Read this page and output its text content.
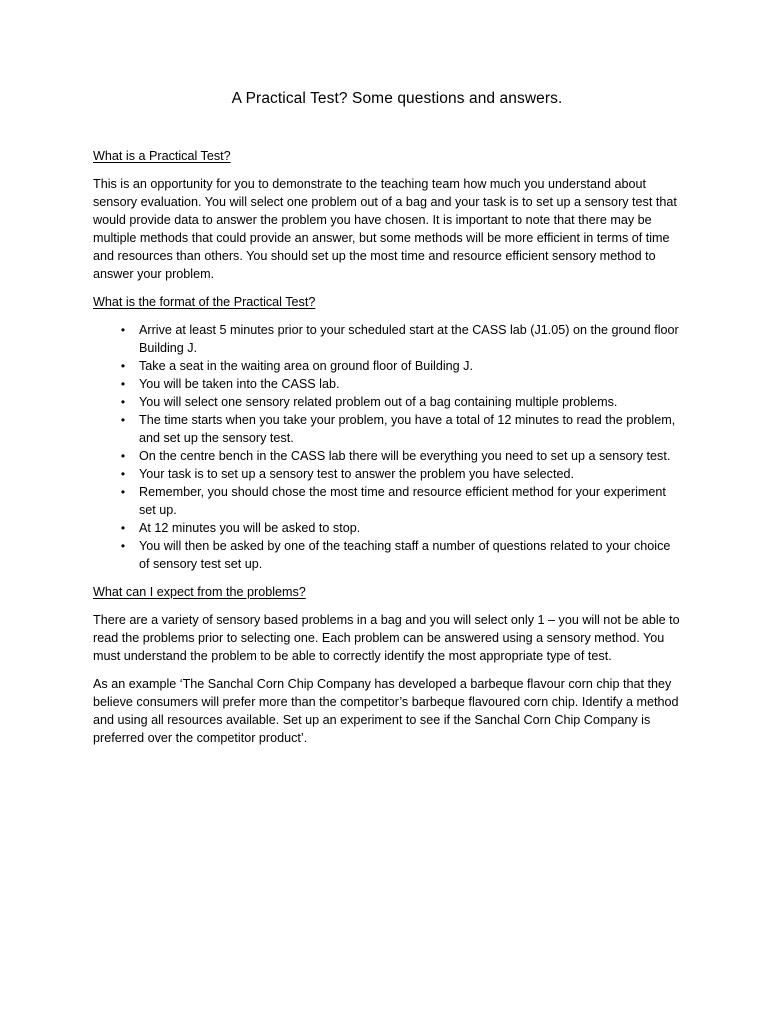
A Practical Test? Some questions and answers.
What is a Practical Test?
This is an opportunity for you to demonstrate to the teaching team how much you understand about sensory evaluation. You will select one problem out of a bag and your task is to set up a sensory test that would provide data to answer the problem you have chosen. It is important to note that there may be multiple methods that could provide an answer, but some methods will be more efficient in terms of time and resources than others. You should set up the most time and resource efficient sensory method to answer your problem.
What is the format of the Practical Test?
•	Arrive at least 5 minutes prior to your scheduled start at the CASS lab (J1.05) on the ground floor Building J.
•	Take a seat in the waiting area on ground floor of Building J.
•	You will be taken into the CASS lab.
•	You will select one sensory related problem out of a bag containing multiple problems.
•	The time starts when you take your problem, you have a total of 12 minutes to read the problem, and set up the sensory test.
•	On the centre bench in the CASS lab there will be everything you need to set up a sensory test.
•	Your task is to set up a sensory test to answer the problem you have selected.
•	Remember, you should chose the most time and resource efficient method for your experiment set up.
•	At 12 minutes you will be asked to stop.
•	You will then be asked by one of the teaching staff a number of questions related to your choice of sensory test set up.
What can I expect from the problems?
There are a variety of sensory based problems in a bag and you will select only 1 – you will not be able to read the problems prior to selecting one. Each problem can be answered using a sensory method. You must understand the problem to be able to correctly identify the most appropriate type of test.
As an example ‘The Sanchal Corn Chip Company has developed a barbeque flavour corn chip that they believe consumers will prefer more than the competitor’s barbeque flavoured corn chip. Identify a method and using all resources available. Set up an experiment to see if the Sanchal Corn Chip Company is preferred over the competitor product’.
